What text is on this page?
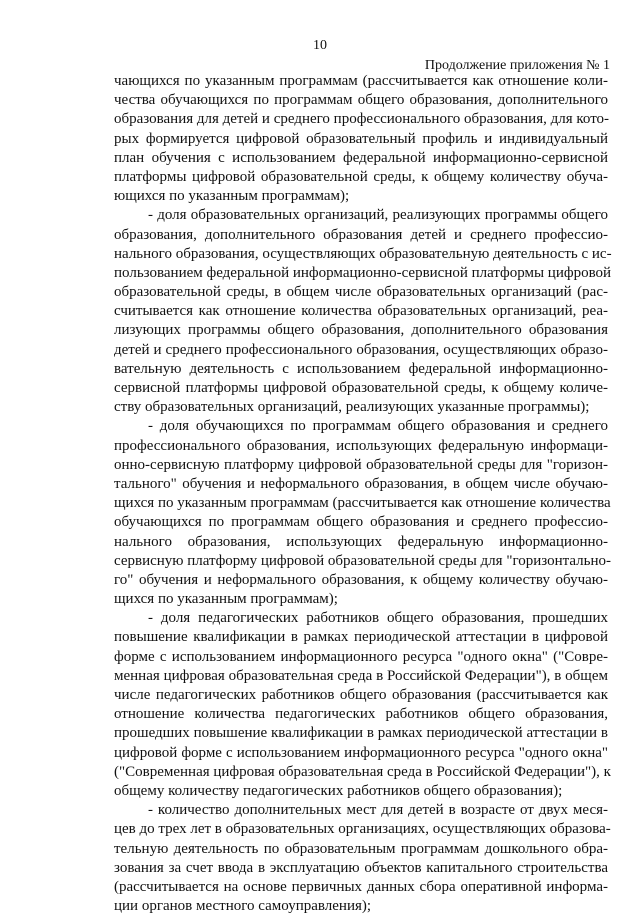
10
Продолжение приложения № 1
чающихся по указанным программам (рассчитывается как отношение коли-
чества обучающихся по программам общего образования, дополнительного
образования для детей и среднего профессионального образования, для кото-
рых формируется цифровой образовательный профиль и индивидуальный
план обучения с использованием федеральной информационно-сервисной
платформы цифровой образовательной среды, к общему количеству обуча-
ющихся по указанным программам);
- доля образовательных организаций, реализующих программы общего
образования, дополнительного образования детей и среднего профессио-
нального образования, осуществляющих образовательную деятельность с ис-
пользованием федеральной информационно-сервисной платформы цифровой
образовательной среды, в общем числе образовательных организаций (рас-
считывается как отношение количества образовательных организаций, реа-
лизующих программы общего образования, дополнительного образования
детей и среднего профессионального образования, осуществляющих образо-
вательную деятельность с использованием федеральной информационно-
сервисной платформы цифровой образовательной среды, к общему количе-
ству образовательных организаций, реализующих указанные программы);
- доля обучающихся по программам общего образования и среднего
профессионального образования, использующих федеральную информаци-
онно-сервисную платформу цифровой образовательной среды для "горизон-
тального" обучения и неформального образования, в общем числе обучаю-
щихся по указанным программам (рассчитывается как отношение количества
обучающихся по программам общего образования и среднего профессио-
нального образования, использующих федеральную информационно-
сервисную платформу цифровой образовательной среды для "горизонтально-
го" обучения и неформального образования, к общему количеству обучаю-
щихся по указанным программам);
- доля педагогических работников общего образования, прошедших
повышение квалификации в рамках периодической аттестации в цифровой
форме с использованием информационного ресурса "одного окна" ("Совре-
менная цифровая образовательная среда в Российской Федерации"), в общем
числе педагогических работников общего образования (рассчитывается как
отношение количества педагогических работников общего образования,
прошедших повышение квалификации в рамках периодической аттестации в
цифровой форме с использованием информационного ресурса "одного окна"
("Современная цифровая образовательная среда в Российской Федерации"), к
общему количеству педагогических работников общего образования);
- количество дополнительных мест для детей в возрасте от двух меся-
цев до трех лет в образовательных организациях, осуществляющих образова-
тельную деятельность по образовательным программам дошкольного обра-
зования за счет ввода в эксплуатацию объектов капитального строительства
(рассчитывается на основе первичных данных сбора оперативной информа-
ции органов местного самоуправления);
